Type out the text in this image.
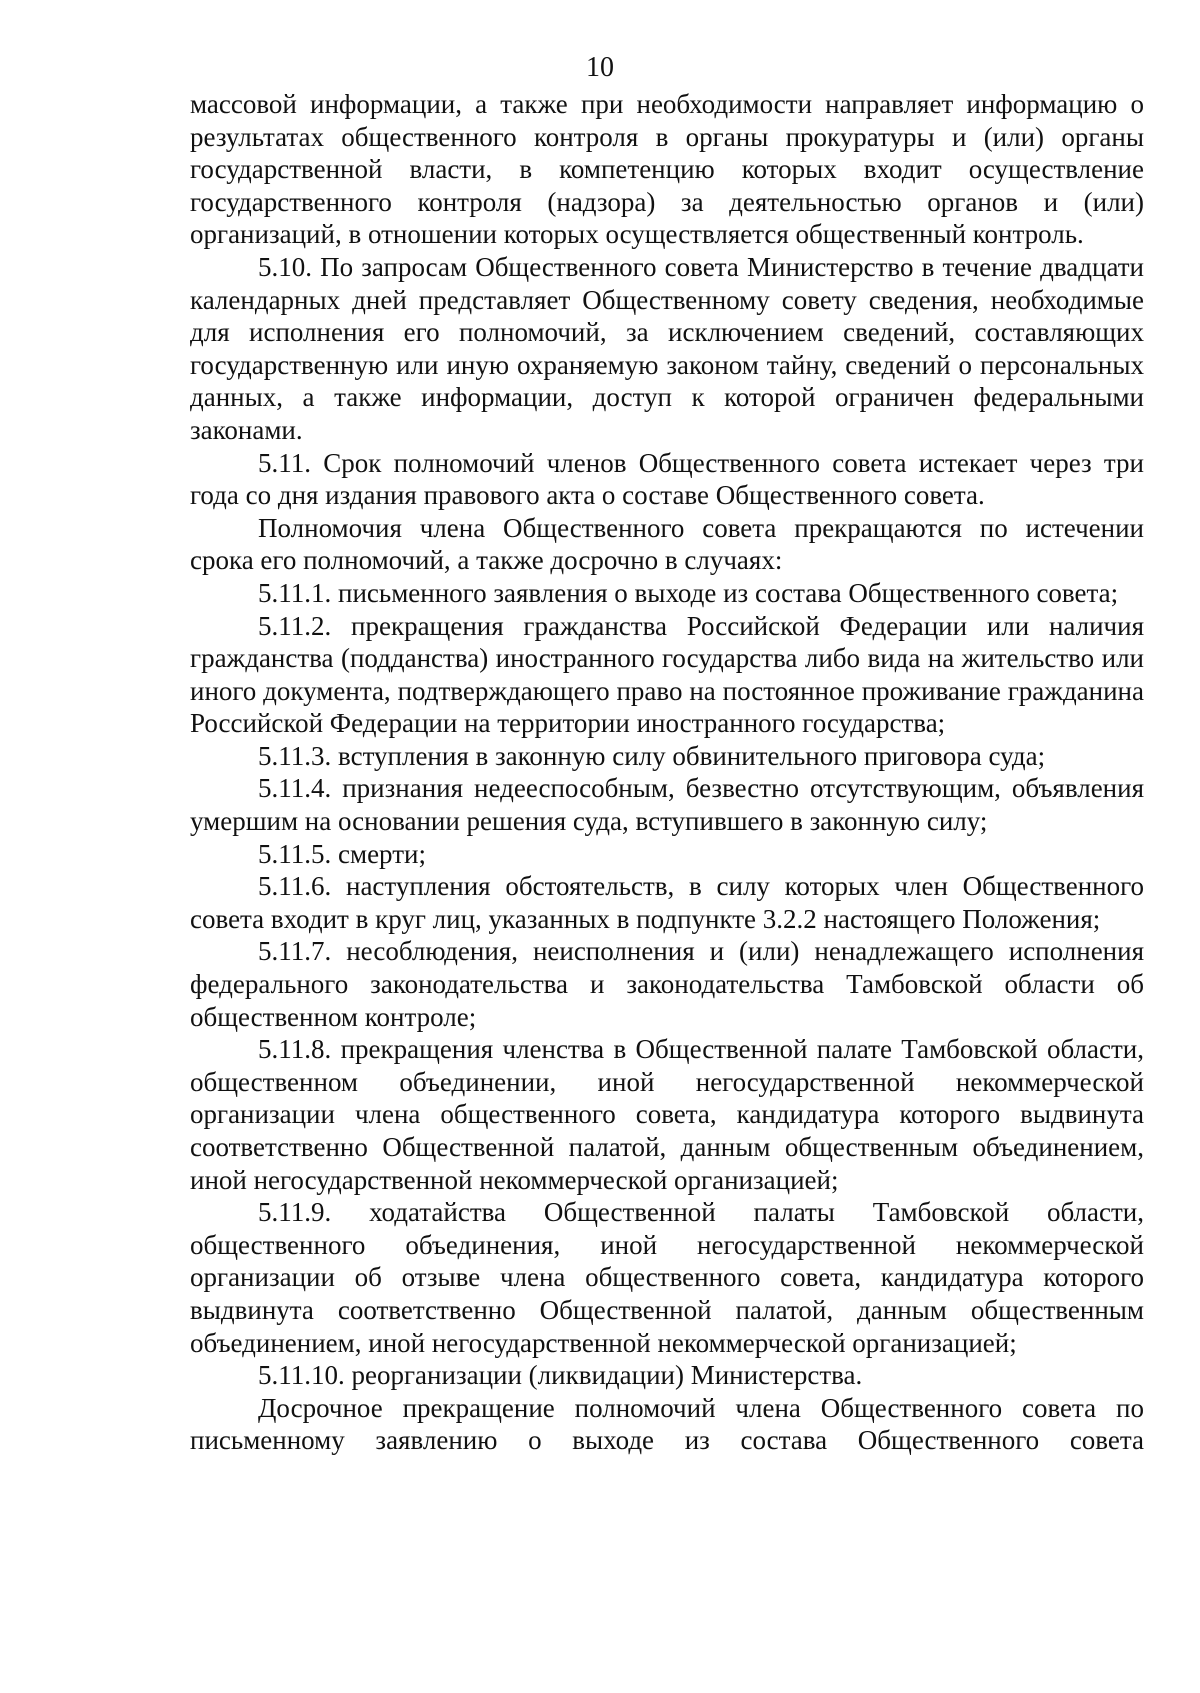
10

массовой информации, а также при необходимости направляет информацию о результатах общественного контроля в органы прокуратуры и (или) органы государственной власти, в компетенцию которых входит осуществление государственного контроля (надзора) за деятельностью органов и (или) организаций, в отношении которых осуществляется общественный контроль.

5.10. По запросам Общественного совета Министерство в течение двадцати календарных дней представляет Общественному совету сведения, необходимые для исполнения его полномочий, за исключением сведений, составляющих государственную или иную охраняемую законом тайну, сведений о персональных данных, а также информации, доступ к которой ограничен федеральными законами.

5.11. Срок полномочий членов Общественного совета истекает через три года со дня издания правового акта о составе Общественного совета.

Полномочия члена Общественного совета прекращаются по истечении срока его полномочий, а также досрочно в случаях:

5.11.1. письменного заявления о выходе из состава Общественного совета;

5.11.2. прекращения гражданства Российской Федерации или наличия гражданства (подданства) иностранного государства либо вида на жительство или иного документа, подтверждающего право на постоянное проживание гражданина Российской Федерации на территории иностранного государства;

5.11.3. вступления в законную силу обвинительного приговора суда;

5.11.4. признания недееспособным, безвестно отсутствующим, объявления умершим на основании решения суда, вступившего в законную силу;

5.11.5. смерти;

5.11.6. наступления обстоятельств, в силу которых член Общественного совета входит в круг лиц, указанных в подпункте 3.2.2 настоящего Положения;

5.11.7. несоблюдения, неисполнения и (или) ненадлежащего исполнения федерального законодательства и законодательства Тамбовской области об общественном контроле;

5.11.8. прекращения членства в Общественной палате Тамбовской области, общественном объединении, иной негосударственной некоммерческой организации члена общественного совета, кандидатура которого выдвинута соответственно Общественной палатой, данным общественным объединением, иной негосударственной некоммерческой организацией;

5.11.9. ходатайства Общественной палаты Тамбовской области, общественного объединения, иной негосударственной некоммерческой организации об отзыве члена общественного совета, кандидатура которого выдвинута соответственно Общественной палатой, данным общественным объединением, иной негосударственной некоммерческой организацией;

5.11.10. реорганизации (ликвидации) Министерства.

Досрочное прекращение полномочий члена Общественного совета по письменному заявлению о выходе из состава Общественного совета
